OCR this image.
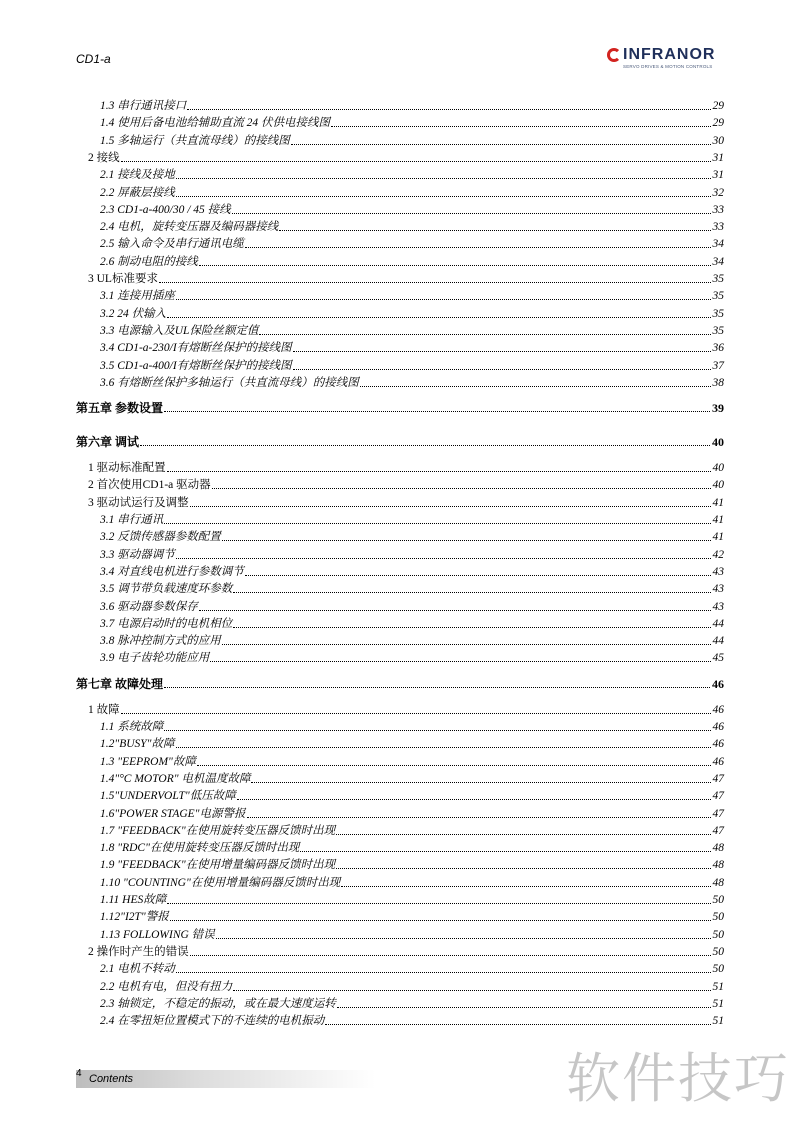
CD1-a	INFRANOR
SERVO DRIVES & MOTION CONTROLS
1.3 串行通讯接口	29
1.4 使用后备电池给辅助直流 24 伏供电接线图	29
1.5 多轴运行（共直流母线）的接线图	30
2 接线	31
2.1 接线及接地	31
2.2 屏蔽层接线	32
2.3 CD1-a-400/30 / 45 接线	33
2.4 电机，旋转变压器及编码器接线	33
2.5 输入命令及串行通讯电缆	34
2.6 制动电阻的接线	34
3 UL标准要求	35
3.1 连接用插座	35
3.2 24 伏输入	35
3.3 电源输入及UL保险丝额定值	35
3.4 CD1-a-230/I有熔断丝保护的接线图	36
3.5 CD1-a-400/I有熔断丝保护的接线图	37
3.6 有熔断丝保护多轴运行（共直流母线）的接线图	38
第五章 参数设置	39
第六章 调试	40
1 驱动标准配置	40
2 首次使用CD1-a 驱动器	40
3 驱动试运行及调整	41
3.1 串行通讯	41
3.2 反馈传感器参数配置	41
3.3 驱动器调节	42
3.4 对直线电机进行参数调节	43
3.5 调节带负载速度环参数	43
3.6 驱动器参数保存	43
3.7 电源启动时的电机相位	44
3.8 脉冲控制方式的应用	44
3.9 电子齿轮功能应用	45
第七章 故障处理	46
1 故障	46
1.1 系统故障	46
1.2"BUSY"故障	46
1.3 "EEPROM"故障	46
1.4"°C MOTOR" 电机温度故障	47
1.5"UNDERVOLT"低压故障	47
1.6"POWER STAGE"电源警报	47
1.7 "FEEDBACK"在使用旋转变压器反馈时出现	47
1.8 "RDC"在使用旋转变压器反馈时出现	48
1.9 "FEEDBACK"在使用增量编码器反馈时出现	48
1.10 "COUNTING"在使用增量编码器反馈时出现	48
1.11 HES故障	50
1.12"I2T"警报	50
1.13 FOLLOWING 错误	50
2 操作时产生的错误	50
2.1 电机不转动	50
2.2 电机有电，但没有扭力	51
2.3 轴锁定，不稳定的振动，或在最大速度运转	51
2.4 在零扭矩位置模式下的不连续的电机振动	51
4 Contents	软件技巧
